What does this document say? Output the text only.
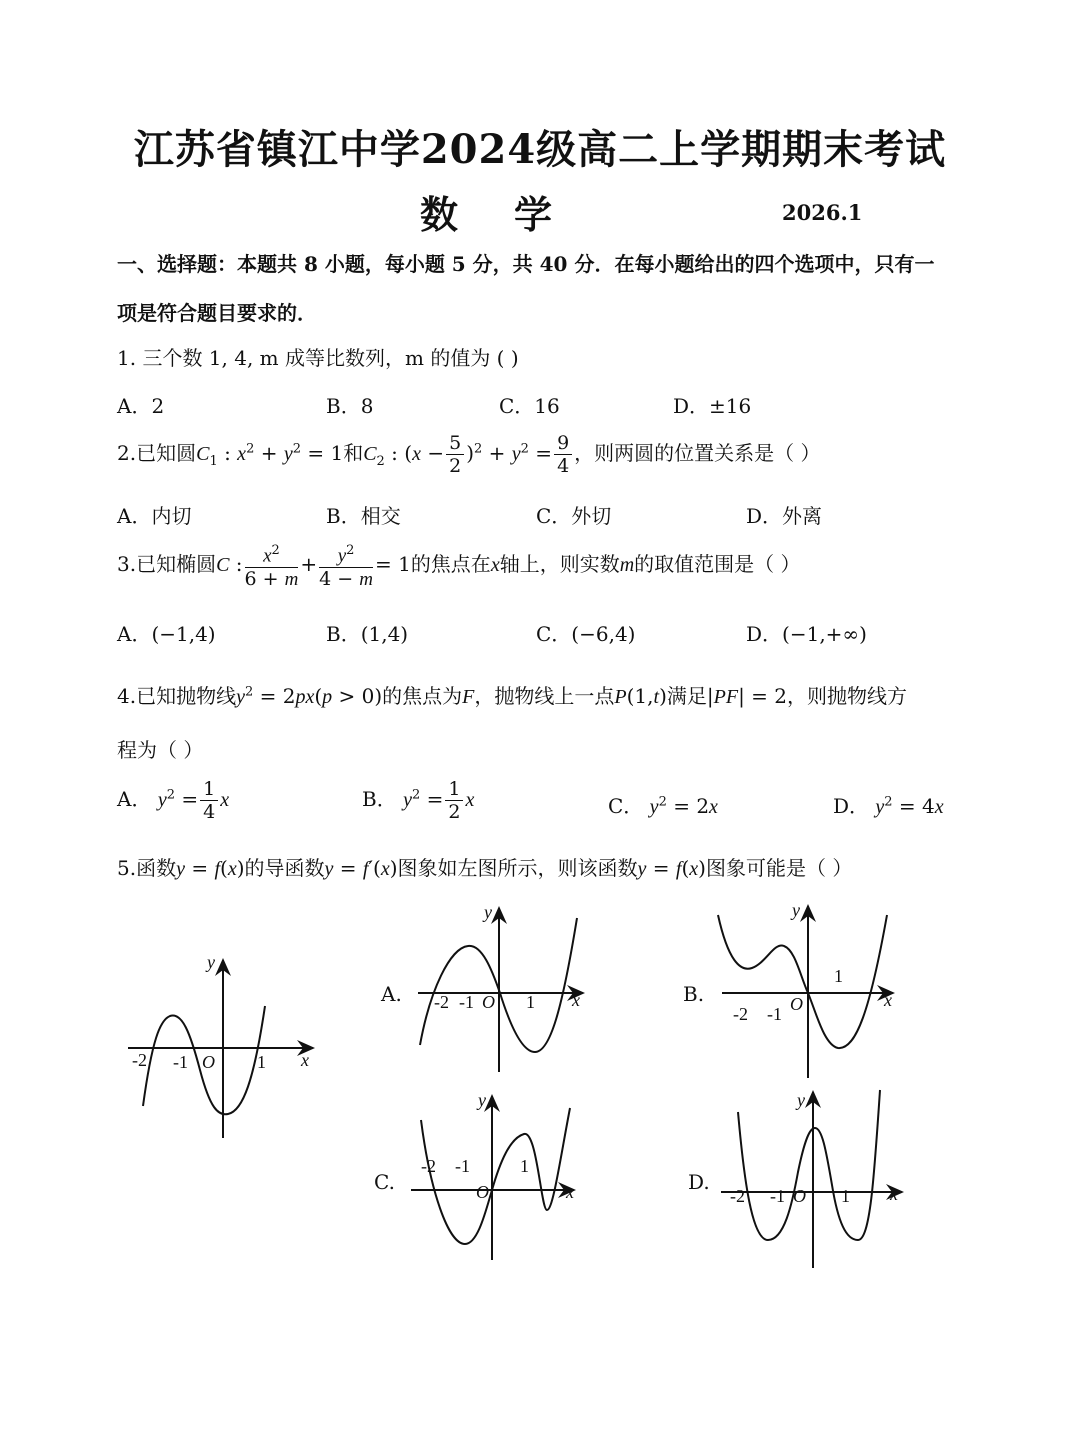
江苏省镇江中学2024级高二上学期期末考试
数学	2026.1
一、选择题：本题共 8 小题，每小题 5 分，共 40 分．在每小题给出的四个选项中，只有一
项是符合题目要求的．
1. 三个数 1, 4, m 成等比数列，m 的值为 ( )
A．2	B．8	C．16	D．±16
2.已知圆$C_1$ : $x^2 + y^2 = 1$和$C_2$ : $(x - \frac{5}{2} )^2 + y^2 = \frac{9}{4}$ ，则两圆的位置关系是（ ）
A．内切	B．相交	C．外切	D．外离
3.已知椭圆C : $\frac{x^2}{6 + m} + \frac{y^2}{4 - m} = 1$的焦点在x轴上，则实数m的取值范围是（ ）
A．(−1,4)	B．(1,4)	C．(−6,4)	D．(−1,+∞)
4.已知抛物线$y^2 = 2px(p > 0)$的焦点为F，抛物线上一点P(1,t)满足|PF| = 2，则抛物线方
程为（ ）
A． $y^2 = \frac{1}{4}$ x	B． $y^2 = \frac{1}{2}$ x	C． $y^2 = 2x$	D． $y^2 = 4x$
5.函数y = f(x)的导函数y = f′(x)图象如左图所示，则该函数y = f(x)图象可能是（ ）
A.	B.
C.	D.
y
x
-2 -1 O 1
y
x
-2 -1 O 1
y
x
-2 -1 O
1
y
x
-2 -1
O
1
y
x
-2 -1 O 1
